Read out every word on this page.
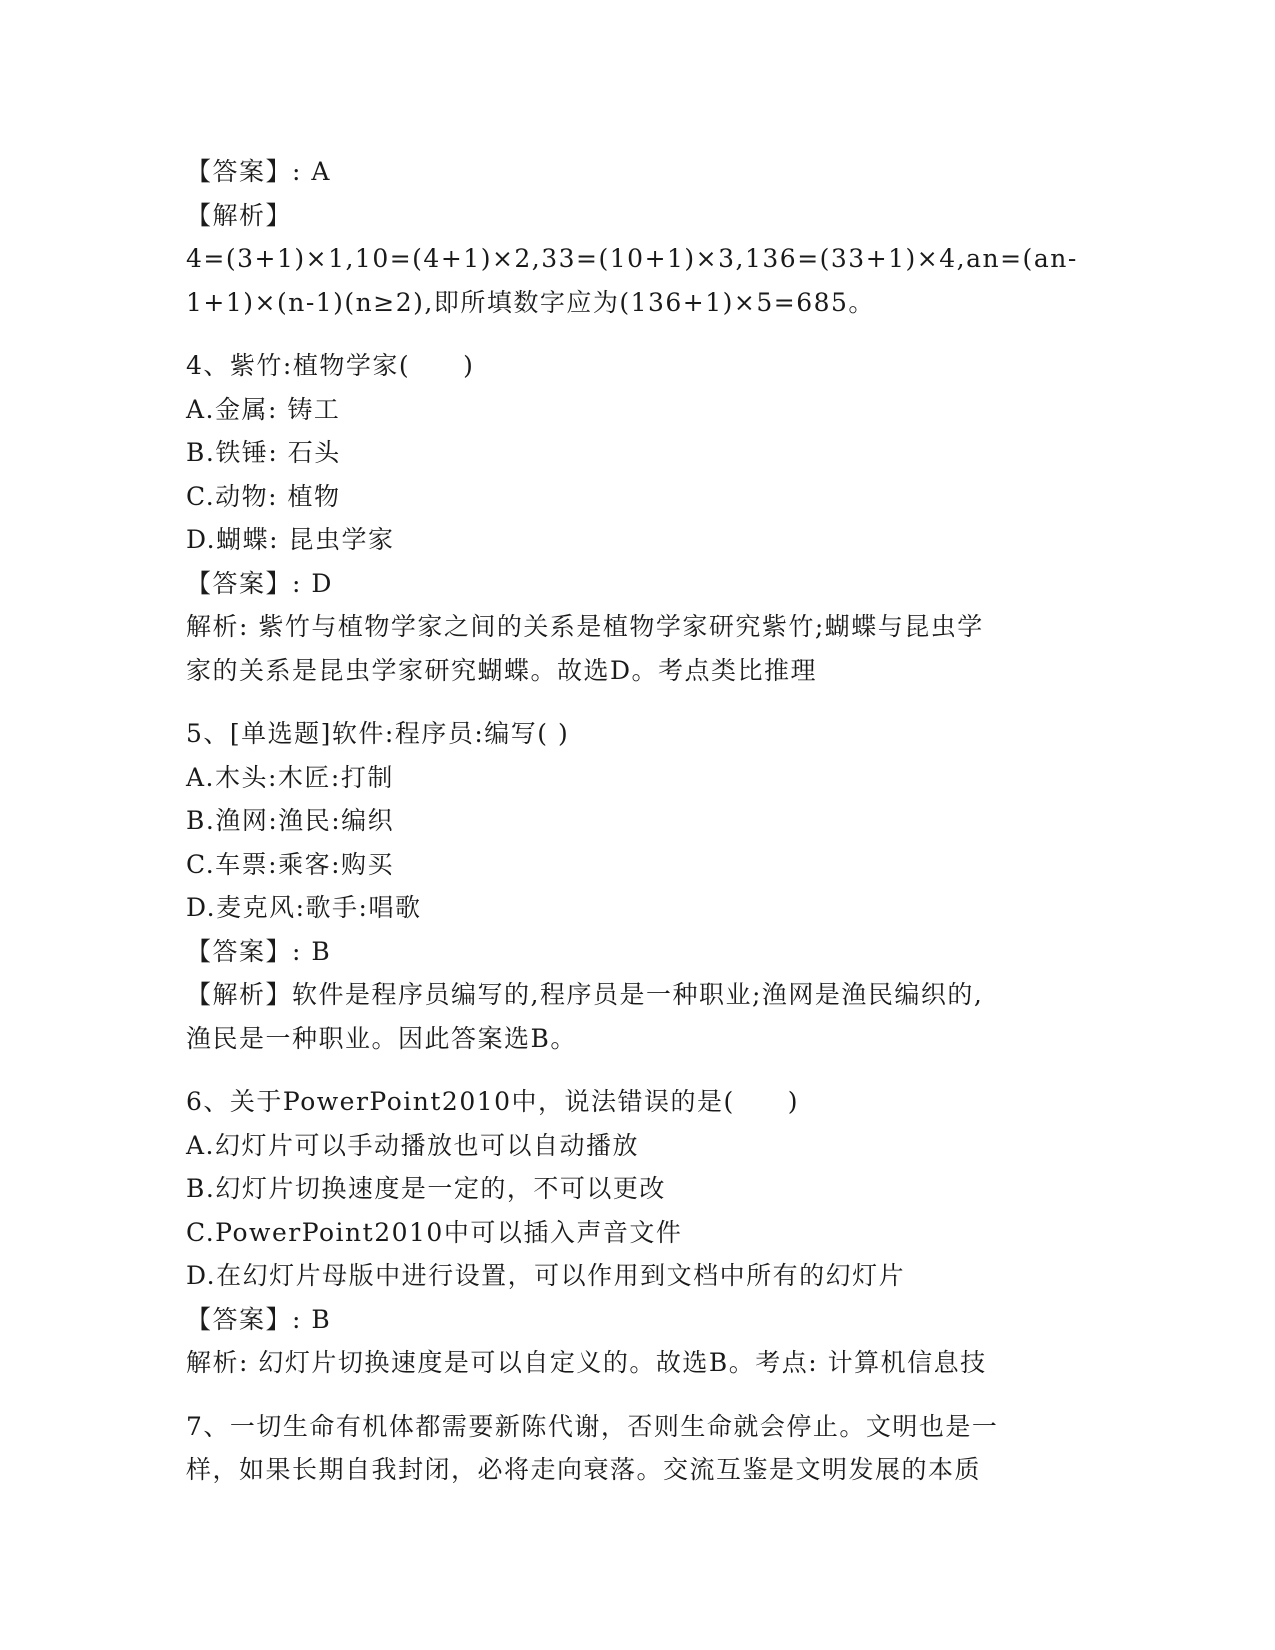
【答案】: A
【解析】
4=(3+1)×1,10=(4+1)×2,33=(10+1)×3,136=(33+1)×4,an=(an-
1+1)×(n-1)(n≥2),即所填数字应为(136+1)×5=685。
4、紫竹:植物学家(　　)
A.金属: 铸工
B.铁锤: 石头
C.动物: 植物
D.蝴蝶: 昆虫学家
【答案】: D
解析: 紫竹与植物学家之间的关系是植物学家研究紫竹;蝴蝶与昆虫学
家的关系是昆虫学家研究蝴蝶。故选D。考点类比推理
5、[单选题]软件:程序员:编写( )
A.木头:木匠:打制
B.渔网:渔民:编织
C.车票:乘客:购买
D.麦克风:歌手:唱歌
【答案】: B
【解析】软件是程序员编写的,程序员是一种职业;渔网是渔民编织的,
渔民是一种职业。因此答案选B。
6、关于PowerPoint2010中，说法错误的是(　　)
A.幻灯片可以手动播放也可以自动播放
B.幻灯片切换速度是一定的，不可以更改
C.PowerPoint2010中可以插入声音文件
D.在幻灯片母版中进行设置，可以作用到文档中所有的幻灯片
【答案】: B
解析: 幻灯片切换速度是可以自定义的。故选B。考点: 计算机信息技
7、一切生命有机体都需要新陈代谢，否则生命就会停止。文明也是一
样，如果长期自我封闭，必将走向衰落。交流互鉴是文明发展的本质
